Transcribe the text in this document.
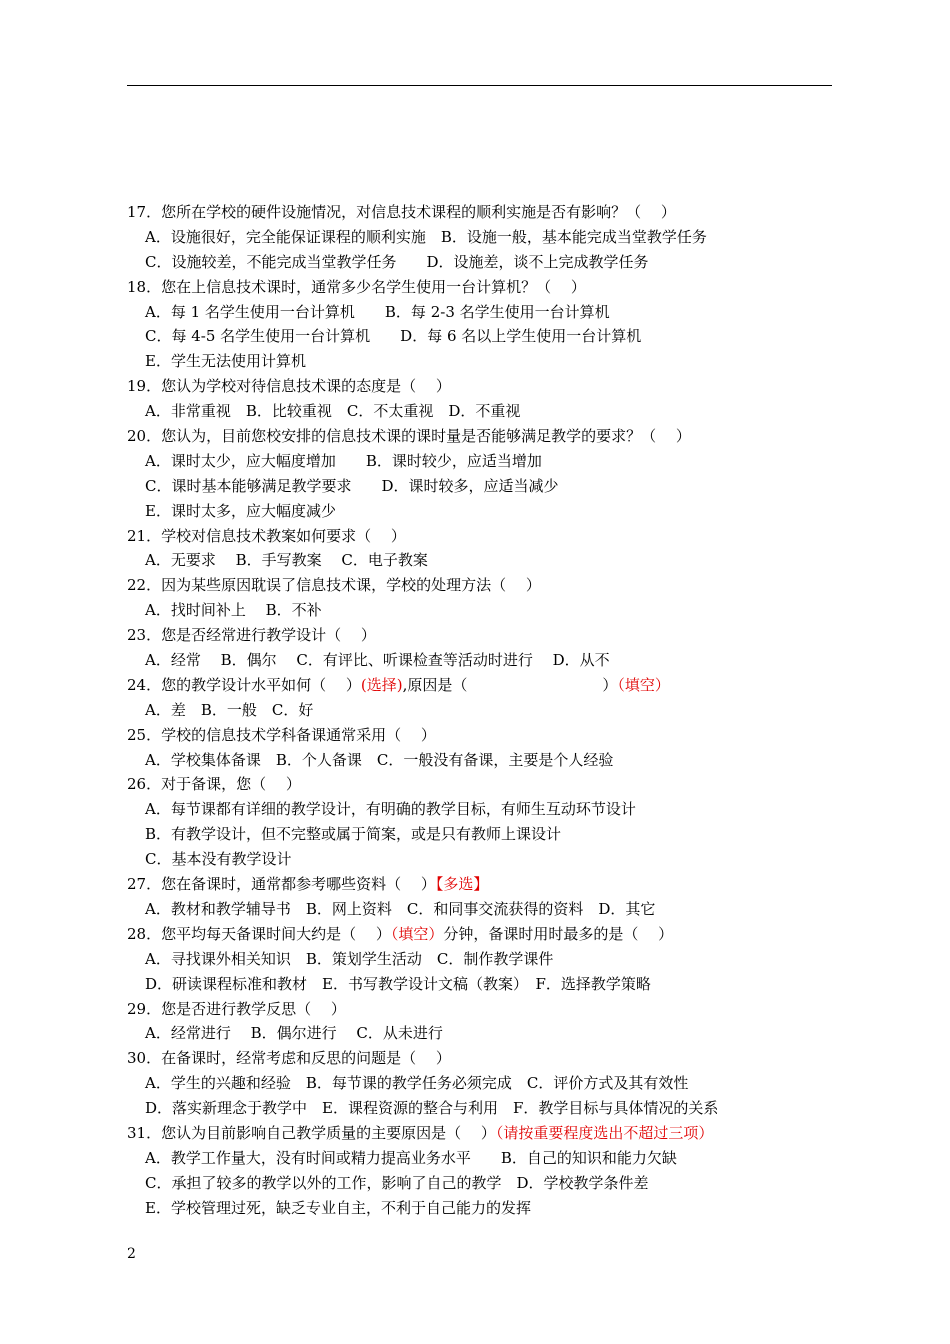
17．您所在学校的硬件设施情况，对信息技术课程的顺利实施是否有影响？（　 ）
A．设施很好，完全能保证课程的顺利实施　B．设施一般，基本能完成当堂教学任务
C．设施较差，不能完成当堂教学任务　　D．设施差，谈不上完成教学任务
18．您在上信息技术课时，通常多少名学生使用一台计算机？（　 ）
A．每 1 名学生使用一台计算机　　B．每 2-3 名学生使用一台计算机
C．每 4-5 名学生使用一台计算机　　D．每 6 名以上学生使用一台计算机
E．学生无法使用计算机
19．您认为学校对待信息技术课的态度是（　 ）
A．非常重视　B．比较重视　C．不太重视　D．不重视
20．您认为，目前您校安排的信息技术课的课时量是否能够满足教学的要求？（　 ）
A．课时太少，应大幅度增加　　B．课时较少，应适当增加
C．课时基本能够满足教学要求　　D．课时较多，应适当减少
E．课时太多，应大幅度减少
21．学校对信息技术教案如何要求（　 ）
A．无要求　 B．手写教案　 C．电子教案
22．因为某些原因耽误了信息技术课，学校的处理方法（　 ）
A．找时间补上　 B．不补
23．您是否经常进行教学设计（　 ）
A．经常　 B．偶尔　 C．有评比、听课检查等活动时进行　 D．从不
24．您的教学设计水平如何（　 ）(选择),原因是（　　　　　　　　　）（填空）
A．差　B．一般　C．好
25．学校的信息技术学科备课通常采用（　 ）
A．学校集体备课　B．个人备课　C．一般没有备课，主要是个人经验
26．对于备课，您（　 ）
A．每节课都有详细的教学设计，有明确的教学目标，有师生互动环节设计
B．有教学设计，但不完整或属于简案，或是只有教师上课设计
C．基本没有教学设计
27．您在备课时，通常都参考哪些资料（　 ）【多选】
A．教材和教学辅导书　B．网上资料　C．和同事交流获得的资料　D．其它
28．您平均每天备课时间大约是（　 ）（填空）分钟，备课时用时最多的是（　 ）
A．寻找课外相关知识　B．策划学生活动　C．制作教学课件
D．研读课程标准和教材　E．书写教学设计文稿（教案）　F．选择教学策略
29．您是否进行教学反思（　 ）
A．经常进行　 B．偶尔进行　 C．从未进行
30．在备课时，经常考虑和反思的问题是（　 ）
A．学生的兴趣和经验　B．每节课的教学任务必须完成　C．评价方式及其有效性
D．落实新理念于教学中　E．课程资源的整合与利用　F．教学目标与具体情况的关系
31．您认为目前影响自己教学质量的主要原因是（　 ）（请按重要程度选出不超过三项）
A．教学工作量大，没有时间或精力提高业务水平　　B．自己的知识和能力欠缺
C．承担了较多的教学以外的工作，影响了自己的教学　D．学校教学条件差
E．学校管理过死，缺乏专业自主，不利于自己能力的发挥
2
